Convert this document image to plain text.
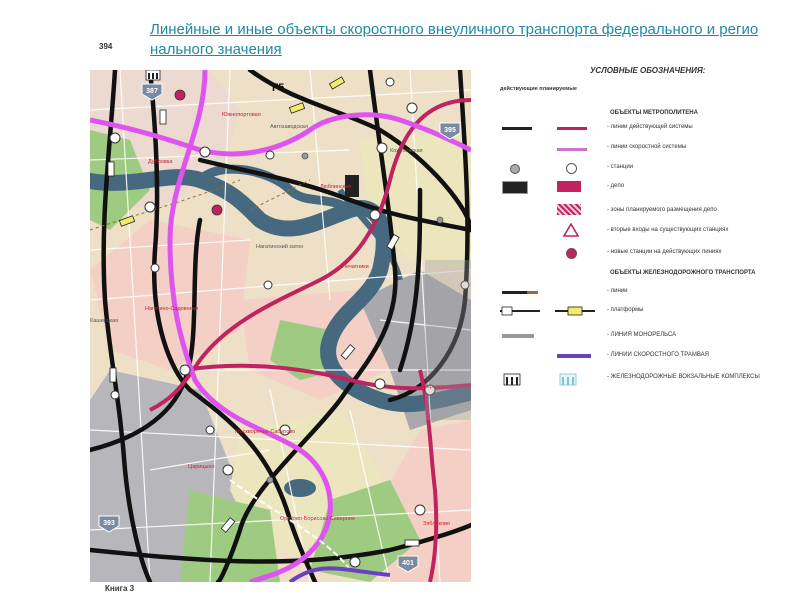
Линейные и иные объекты скоростного внеуличного транспорта федерального и регио нального значения
394
Южнопортовая
Дубровка
Нагатинский затон
Печатники
Нагатино-Садовники
Москворечье-Сабурово
Царицыно
Орехово-Борисово Северное
Марьино
Зябликово
Кожуховская
Автозаводская
Каширская
Люблинская
387
395
393
401
Г5
Книга 3
УСЛОВНЫЕ ОБОЗНАЧЕНИЯ:
действующие планируемые
ОБЪЕКТЫ МЕТРОПОЛИТЕНА
- линии действующей системы
- линии скоростной системы
- станции
- депо
- зоны планируемого размещения депо
- вторые входы на существующих станциях
- новые станции на действующих линиях
ОБЪЕКТЫ ЖЕЛЕЗНОДОРОЖНОГО ТРАНСПОРТА
- линии
- платформы
- ЛИНИЯ МОНОРЕЛЬСА
- ЛИНИИ СКОРОСТНОГО ТРАМВАЯ
- ЖЕЛЕЗНОДОРОЖНЫЕ ВОКЗАЛЬНЫЕ КОМПЛЕКСЫ
